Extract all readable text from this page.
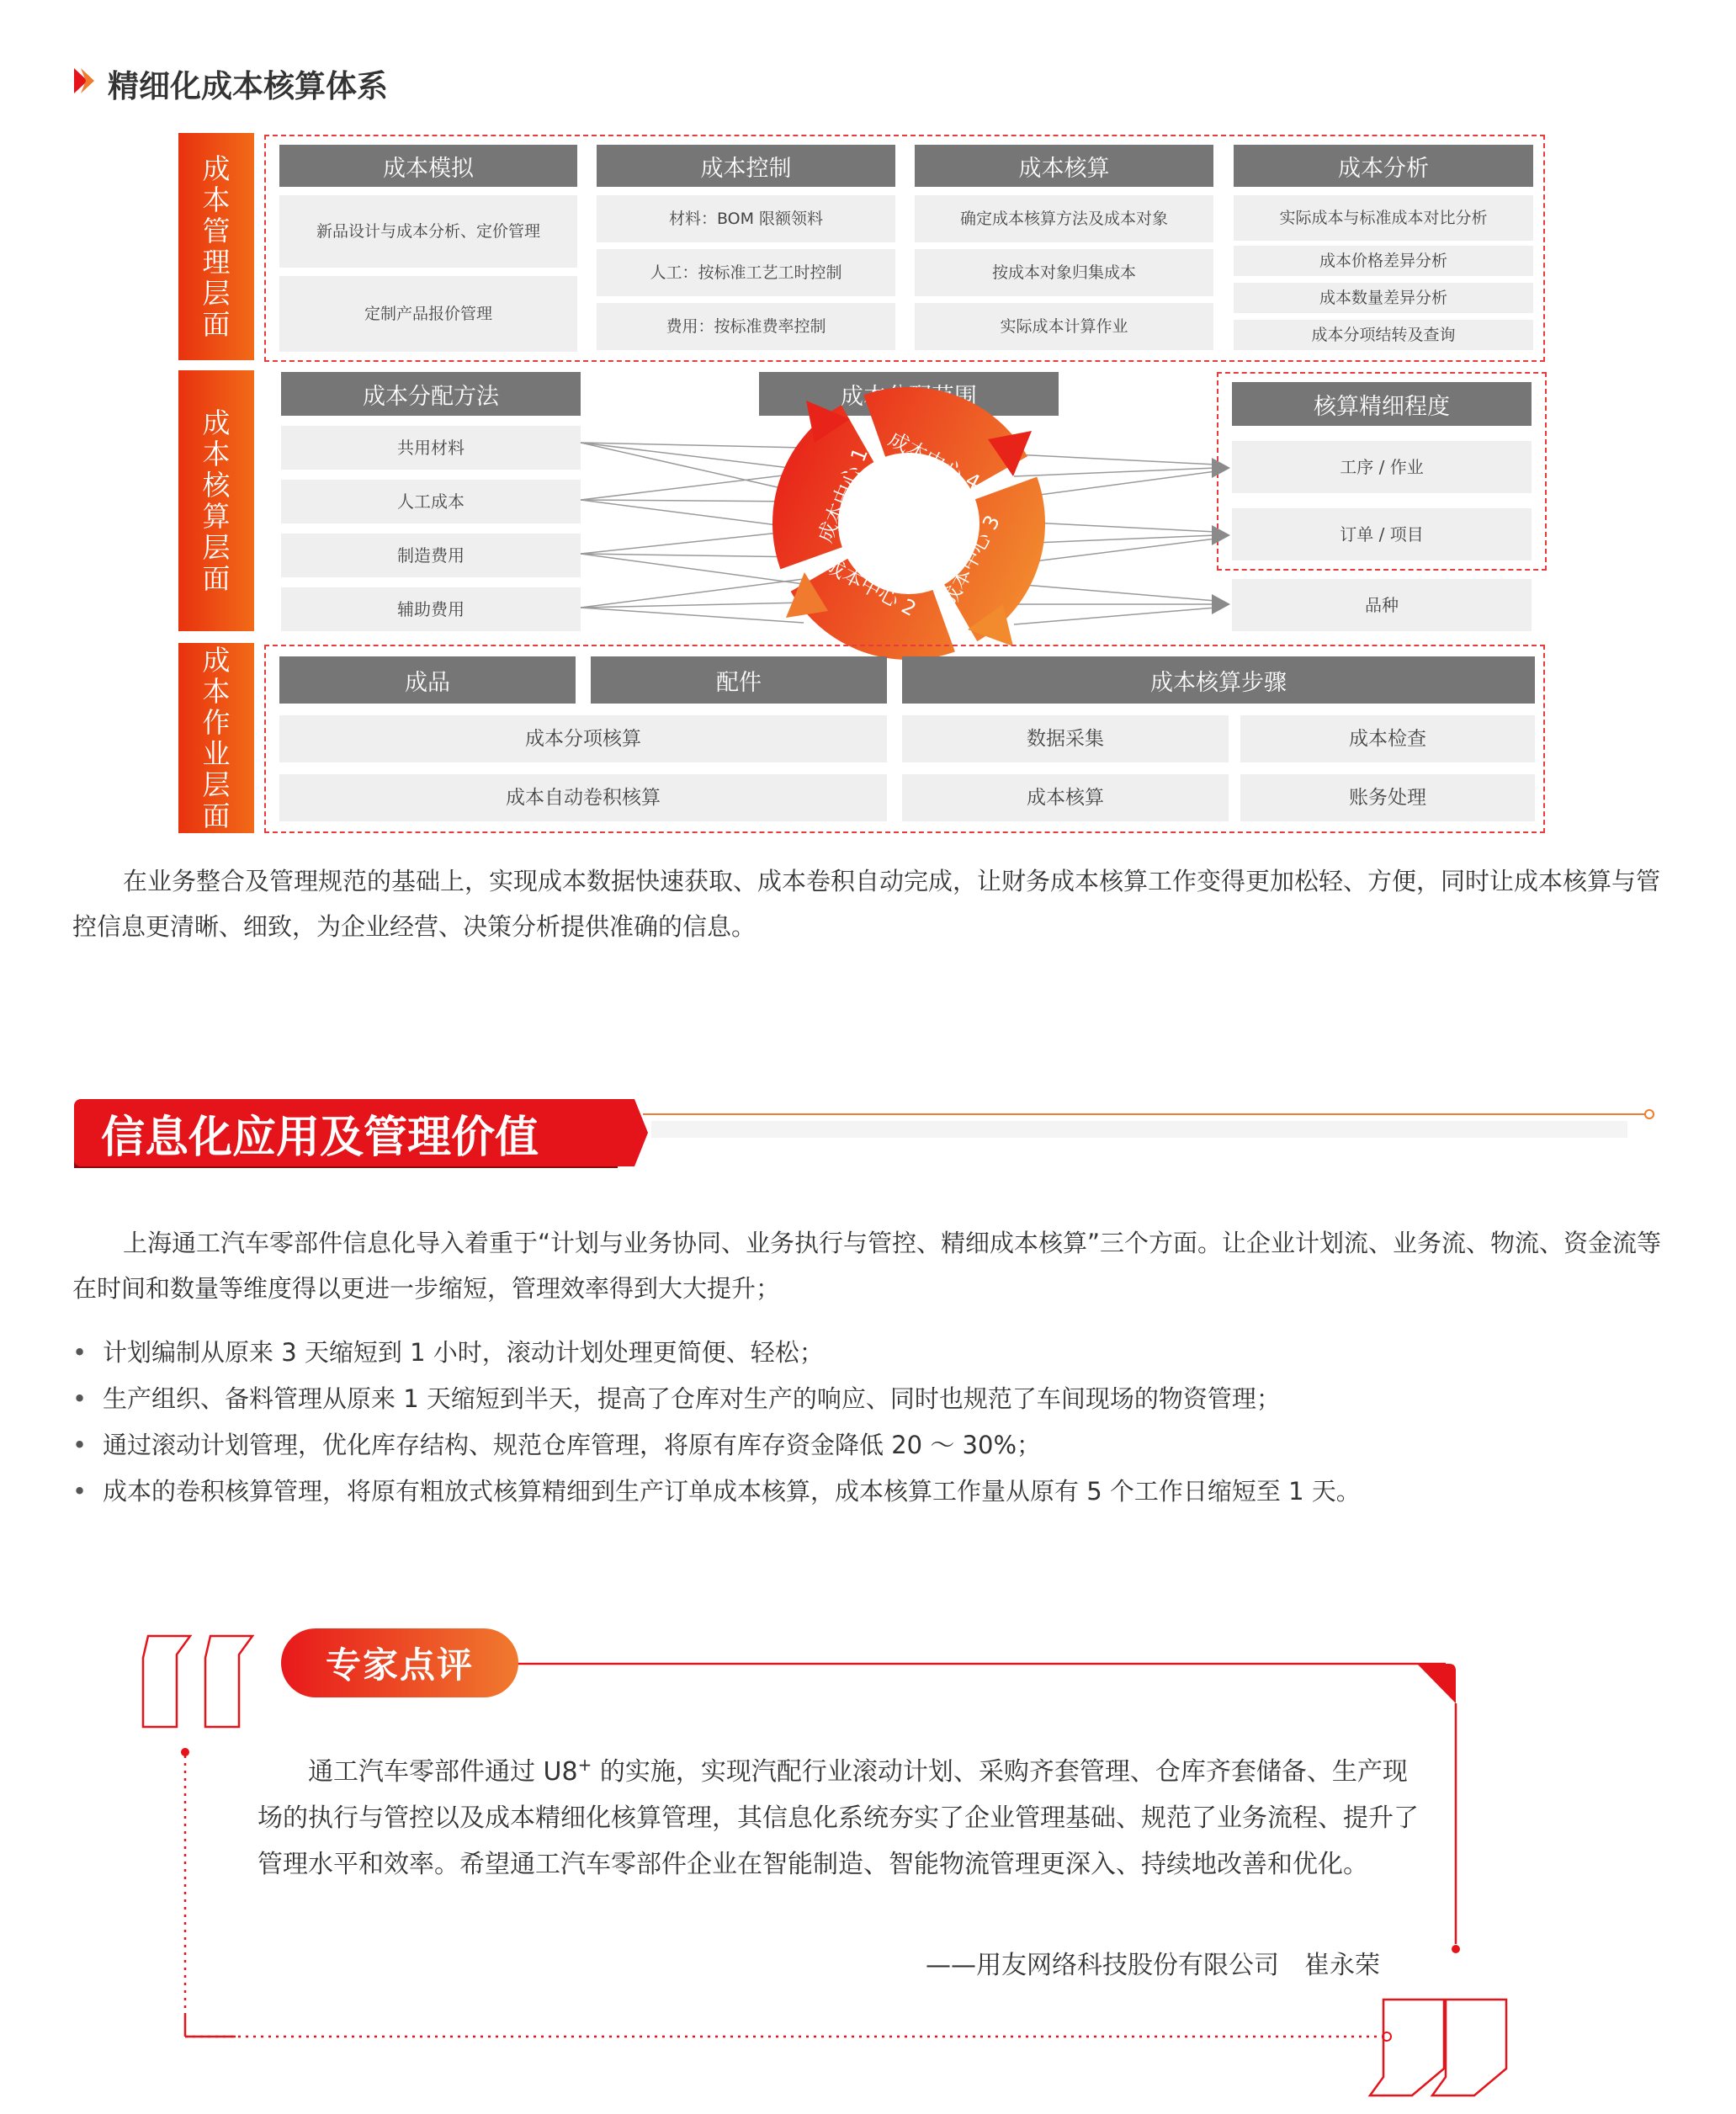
精细化成本核算体系
成本管理层面
成本核算层面
成本作业层面
成本模拟
新品设计与成本分析、定价管理
定制产品报价管理
成本控制
材料：BOM 限额领料
人工：按标准工艺工时控制
费用：按标准费率控制
成本核算
确定成本核算方法及成本对象
按成本对象归集成本
实际成本计算作业
成本分析
实际成本与标准成本对比分析
成本价格差异分析
成本数量差异分析
成本分项结转及查询
成本分配方法
共用材料
人工成本
制造费用
辅助费用
成本分配范围	核算精细程度
工序 / 作业
订单 / 项目
品种
成本中心 1 成本中心 4
成本中心 3
成本中心 2
成品	配件	成本核算步骤
成本分项核算
成本自动卷积核算
数据采集	成本检查
成本核算	账务处理
在业务整合及管理规范的基础上，实现成本数据快速获取、成本卷积自动完成，让财务成本核算工作变得更加松轻、方便，同时让成本核算与管控信息更清晰、细致，为企业经营、决策分析提供准确的信息。
信息化应用及管理价值
上海通工汽车零部件信息化导入着重于“计划与业务协同、业务执行与管控、精细成本核算”三个方面。让企业计划流、业务流、物流、资金流等在时间和数量等维度得以更进一步缩短，管理效率得到大大提升；
• 计划编制从原来 3 天缩短到 1 小时，滚动计划处理更简便、轻松；
• 生产组织、备料管理从原来 1 天缩短到半天，提高了仓库对生产的响应、同时也规范了车间现场的物资管理；
• 通过滚动计划管理，优化库存结构、规范仓库管理，将原有库存资金降低 20 ～ 30%；
• 成本的卷积核算管理，将原有粗放式核算精细到生产订单成本核算，成本核算工作量从原有 5 个工作日缩短至 1 天。
专家点评
通工汽车零部件通过 U8+ 的实施，实现汽配行业滚动计划、采购齐套管理、仓库齐套储备、生产现场的执行与管控以及成本精细化核算管理，其信息化系统夯实了企业管理基础、规范了业务流程、提升了管理水平和效率。希望通工汽车零部件企业在智能制造、智能物流管理更深入、持续地改善和优化。
——用友网络科技股份有限公司　崔永荣
